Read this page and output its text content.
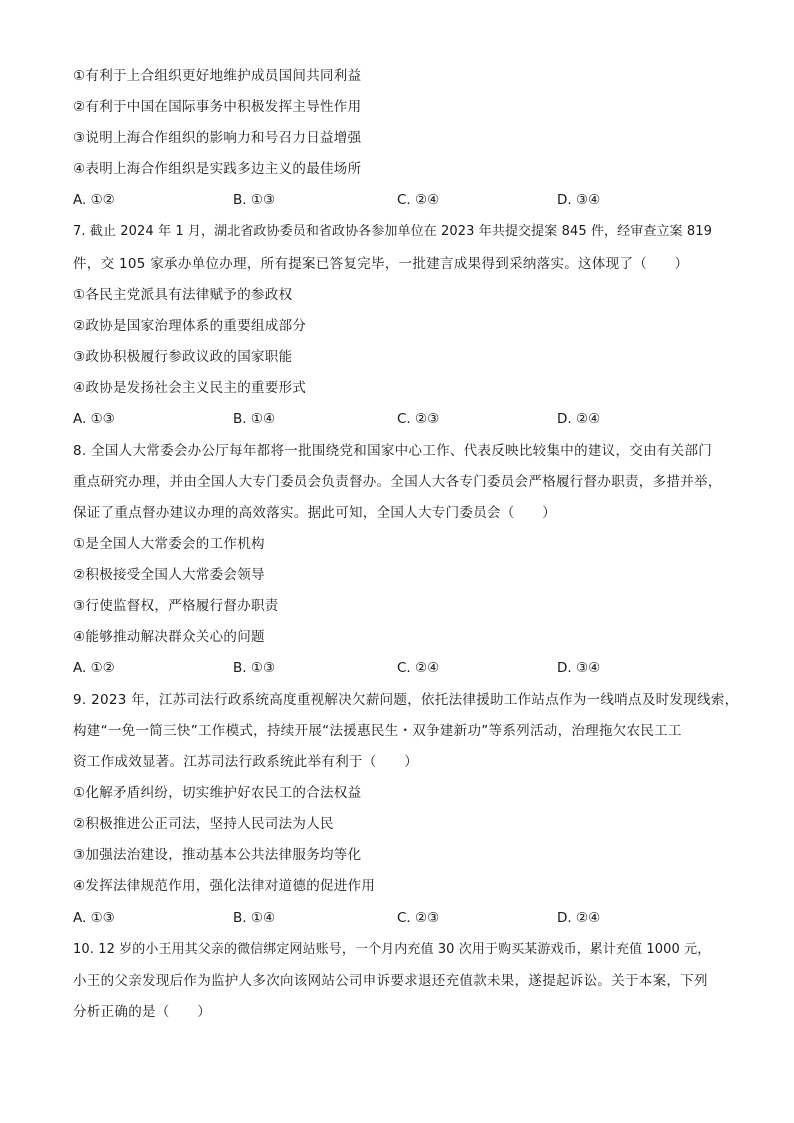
①有利于上合组织更好地维护成员国间共同利益
②有利于中国在国际事务中积极发挥主导性作用
③说明上海合作组织的影响力和号召力日益增强
④表明上海合作组织是实践多边主义的最佳场所
A. ①②	B. ①③	C. ②④	D. ③④
7. 截止 2024 年 1 月，湖北省政协委员和省政协各参加单位在 2023 年共提交提案 845 件，经审查立案 819
件，交 105 家承办单位办理，所有提案已答复完毕，一批建言成果得到采纳落实。这体现了（　　）
①各民主党派具有法律赋予的参政权
②政协是国家治理体系的重要组成部分
③政协积极履行参政议政的国家职能
④政协是发扬社会主义民主的重要形式
A. ①③	B. ①④	C. ②③	D. ②④
8. 全国人大常委会办公厅每年都将一批围绕党和国家中心工作、代表反映比较集中的建议，交由有关部门
重点研究办理，并由全国人大专门委员会负责督办。全国人大各专门委员会严格履行督办职责，多措并举，
保证了重点督办建议办理的高效落实。据此可知，全国人大专门委员会（　　）
①是全国人大常委会的工作机构
②积极接受全国人大常委会领导
③行使监督权，严格履行督办职责
④能够推动解决群众关心的问题
A. ①②	B. ①③	C. ②④	D. ③④
9. 2023 年，江苏司法行政系统高度重视解决欠薪问题，依托法律援助工作站点作为一线哨点及时发现线索，
构建“一免一简三快”工作模式，持续开展“法援惠民生・双争建新功”等系列活动，治理拖欠农民工工
资工作成效显著。江苏司法行政系统此举有利于（　　）
①化解矛盾纠纷，切实维护好农民工的合法权益
②积极推进公正司法，坚持人民司法为人民
③加强法治建设，推动基本公共法律服务均等化
④发挥法律规范作用，强化法律对道德的促进作用
A. ①③	B. ①④	C. ②③	D. ②④
10. 12 岁的小王用其父亲的微信绑定网站账号，一个月内充值 30 次用于购买某游戏币，累计充值 1000 元，
小王的父亲发现后作为监护人多次向该网站公司申诉要求退还充值款未果，遂提起诉讼。关于本案，下列
分析正确的是（　　）
